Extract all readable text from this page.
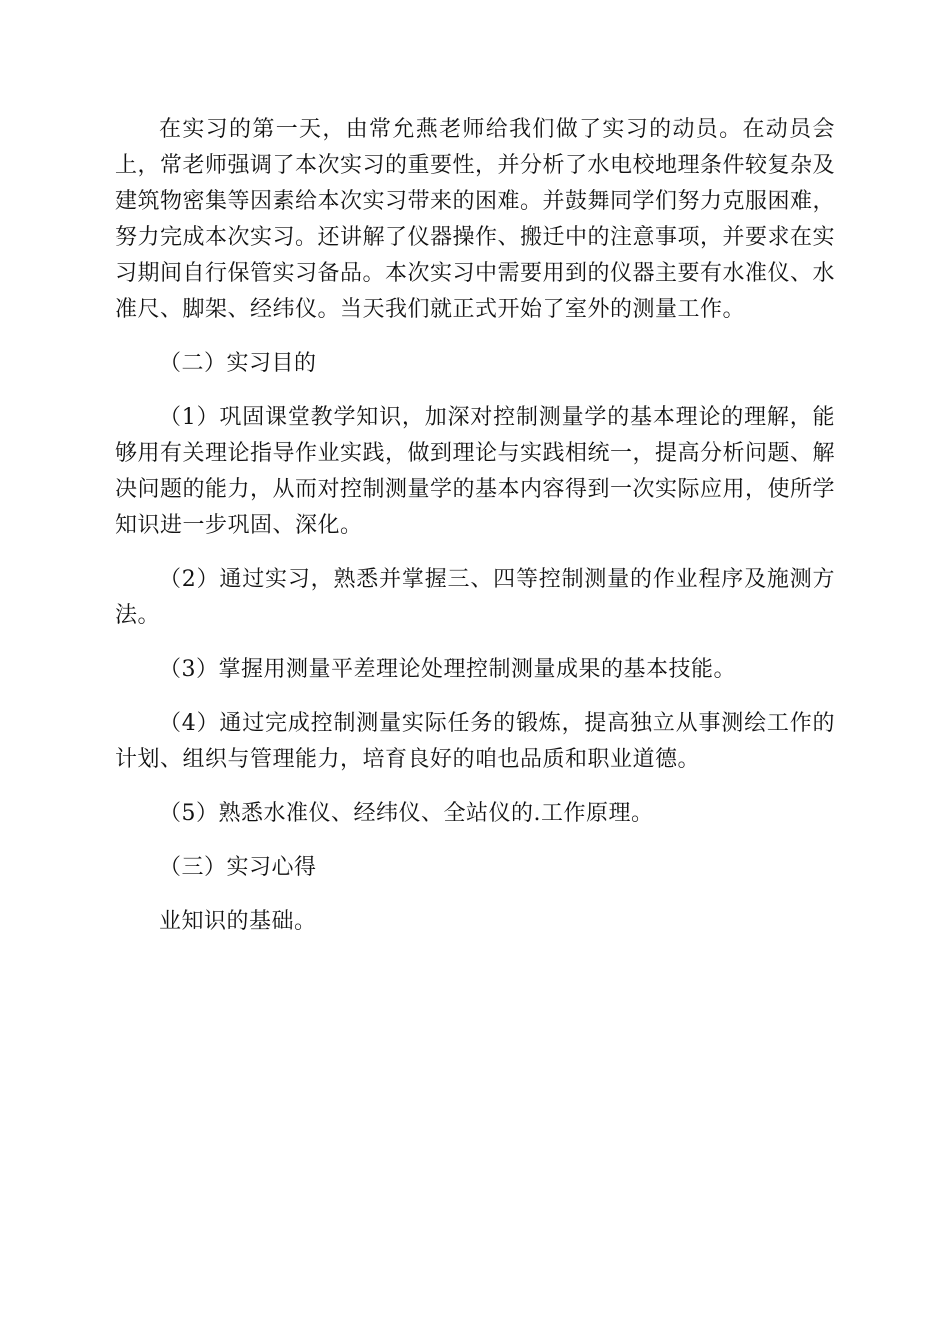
在实习的第一天，由常允燕老师给我们做了实习的动员。在动员会上，常老师强调了本次实习的重要性，并分析了水电校地理条件较复杂及建筑物密集等因素给本次实习带来的困难。并鼓舞同学们努力克服困难，努力完成本次实习。还讲解了仪器操作、搬迁中的注意事项，并要求在实习期间自行保管实习备品。本次实习中需要用到的仪器主要有水准仪、水准尺、脚架、经纬仪。当天我们就正式开始了室外的测量工作。

（二）实习目的

（1）巩固课堂教学知识，加深对控制测量学的基本理论的理解，能够用有关理论指导作业实践，做到理论与实践相统一，提高分析问题、解决问题的能力，从而对控制测量学的基本内容得到一次实际应用，使所学知识进一步巩固、深化。

（2）通过实习，熟悉并掌握三、四等控制测量的作业程序及施测方法。

（3）掌握用测量平差理论处理控制测量成果的基本技能。

（4）通过完成控制测量实际任务的锻炼，提高独立从事测绘工作的计划、组织与管理能力，培育良好的咱也品质和职业道德。

（5）熟悉水准仪、经纬仪、全站仪的.工作原理。

（三）实习心得

业知识的基础。
